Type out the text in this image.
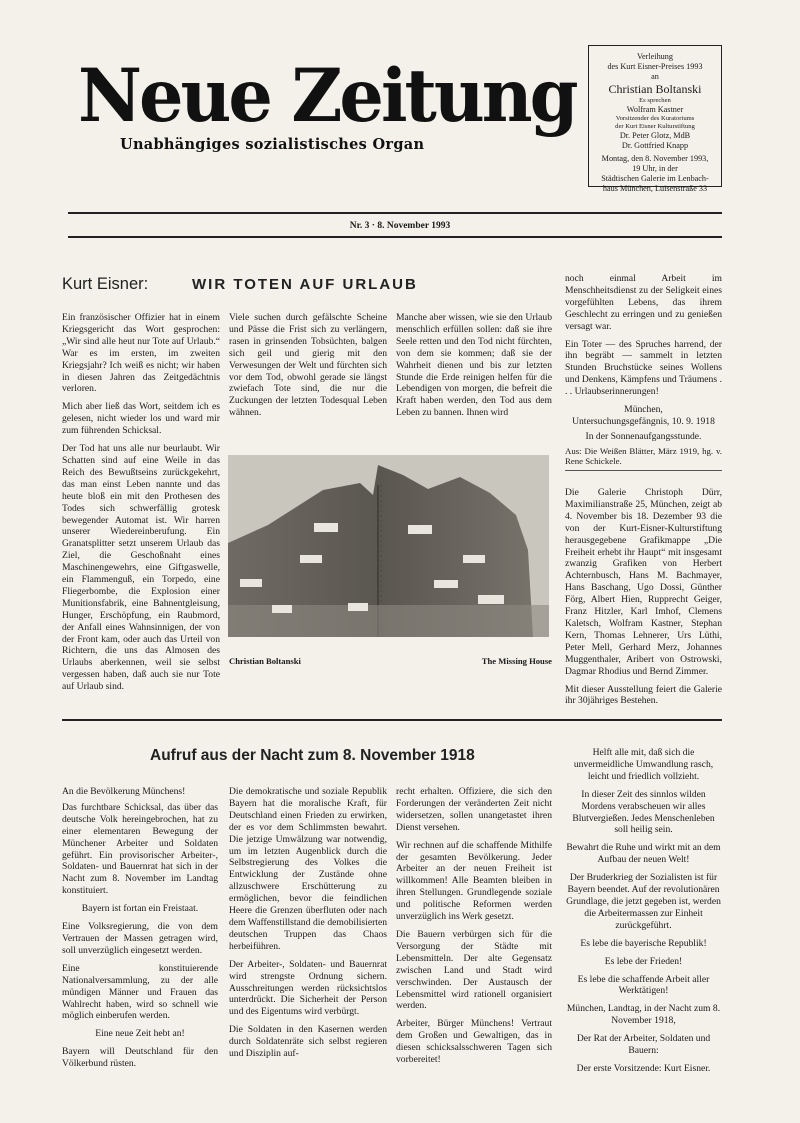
Neue Zeitung
Unabhängiges sozialistisches Organ
Verleihung
des Kurt Eisner-Preises 1993
an
Christian Boltanski
Es sprechen
Wolfram Kastner
Vorsitzender des Kuratoriums
der Kurt Eisner Kulturstiftung
Dr. Peter Glotz, MdB
Dr. Gottfried Knapp
Montag, den 8. November 1993,
19 Uhr, in der
Städtischen Galerie im Lenbach-
haus München, Luisenstraße 33
Nr. 3 · 8. November 1993
Kurt Eisner:	WIR TOTEN AUF URLAUB

Ein französischer Offizier hat in einem Kriegsgericht das Wort gesprochen: „Wir sind alle heut nur Tote auf Urlaub.“ War es im ersten, im zweiten Kriegsjahr? Ich weiß es nicht; wir haben in diesen Jahren das Zeitgedächtnis verloren.

Mich aber ließ das Wort, seitdem ich es gelesen, nicht wieder los und ward mir zum führenden Schicksal.

Der Tod hat uns alle nur beurlaubt. Wir Schatten sind auf eine Weile in das Reich des Bewußtseins zurückgekehrt, das man einst Leben nannte und das heute bloß ein mit den Prothesen des Todes sich schwerfällig grotesk bewegender Automat ist. Wir harren unserer Wiedereinberufung. Ein Granatsplitter setzt unserem Urlaub das Ziel, die Geschoßnaht eines Maschinengewehrs, eine Giftgaswelle, ein Flammenguß, ein Torpedo, eine Fliegerbombe, die Explosion einer Munitionsfabrik, eine Bahnentgleisung, Hunger, Erschöpfung, ein Raubmord, der Anfall eines Wahnsinnigen, der von der Front kam, oder auch das Urteil von Richtern, die uns das Almosen des Urlaubs aberkennen, weil sie selbst vergessen haben, daß auch sie nur Tote auf Urlaub sind.

Viele suchen durch gefälschte Scheine und Pässe die Frist sich zu verlängern, rasen in grinsenden Tobsüchten, balgen sich geil und gierig mit den Verwesungen der Welt und fürchten sich vor dem Tod, obwohl gerade sie längst zwiefach Tote sind, die nur die Zuckungen der letzten Todesqual Leben wähnen.

Manche aber wissen, wie sie den Urlaub menschlich erfüllen sollen: daß sie ihre Seele retten und den Tod nicht fürchten, von dem sie kommen; daß sie der Wahrheit dienen und bis zur letzten Stunde die Erde reinigen helfen für die Lebendigen von morgen, die befreit die Kraft haben werden, den Tod aus dem Leben zu bannen. Ihnen wird

noch einmal Arbeit im Menschheitsdienst zu der Seligkeit eines vorgefühlten Lebens, das ihrem Geschlecht zu erringen und zu genießen versagt war.

Ein Toter — des Spruches harrend, der ihn begräbt — sammelt in letzten Stunden Bruchstücke seines Wollens und Denkens, Kämpfens und Träumens . . . Urlaubserinnerungen!

München,

Untersuchungsgefängnis, 10. 9. 1918

In der Sonnenaufgangsstunde.

Aus: Die Weißen Blätter, März 1919, hg. v. Rene Schickele.

Die Galerie Christoph Dürr, Maximilianstraße 25, München, zeigt ab 4. November bis 18. Dezember 93 die von der Kurt-Eisner-Kulturstiftung herausgegebene Grafikmappe „Die Freiheit erhebt ihr Haupt“ mit insgesamt zwanzig Grafiken von Herbert Achternbusch, Hans M. Bachmayer, Hans Baschang, Ugo Dossi, Günther Förg, Albert Hien, Rupprecht Geiger, Franz Hitzler, Karl Imhof, Clemens Kaletsch, Wolfram Kastner, Stephan Kern, Thomas Lehnerer, Urs Lüthi, Peter Mell, Gerhard Merz, Johannes Muggenthaler, Aribert von Ostrowski, Dagmar Rhodius und Bernd Zimmer.

Mit dieser Ausstellung feiert die Galerie ihr 30jähriges Bestehen.

Christian Boltanski	The Missing House
Aufruf aus der Nacht zum 8. November 1918

An die Bevölkerung Münchens!

Das furchtbare Schicksal, das über das deutsche Volk hereingebrochen, hat zu einer elementaren Bewegung der Münchener Arbeiter und Soldaten geführt. Ein provisorischer Arbeiter-, Soldaten- und Bauernrat hat sich in der Nacht zum 8. November im Landtag konstituiert.

Bayern ist fortan ein Freistaat.

Eine Volksregierung, die von dem Vertrauen der Massen getragen wird, soll unverzüglich eingesetzt werden.

Eine konstituierende Nationalversammlung, zu der alle mündigen Männer und Frauen das Wahlrecht haben, wird so schnell wie möglich einberufen werden.

Eine neue Zeit hebt an!

Bayern will Deutschland für den Völkerbund rüsten.

Die demokratische und soziale Republik Bayern hat die moralische Kraft, für Deutschland einen Frieden zu erwirken, der es vor dem Schlimmsten bewahrt. Die jetzige Umwälzung war notwendig, um im letzten Augenblick durch die Selbstregierung des Volkes die Entwicklung der Zustände ohne allzuschwere Erschütterung zu ermöglichen, bevor die feindlichen Heere die Grenzen überfluten oder nach dem Waffenstillstand die demobilisierten deutschen Truppen das Chaos herbeiführen.

Der Arbeiter-, Soldaten- und Bauernrat wird strengste Ordnung sichern. Ausschreitungen werden rücksichtslos unterdrückt. Die Sicherheit der Person und des Eigentums wird verbürgt.

Die Soldaten in den Kasernen werden durch Soldatenräte sich selbst regieren und Disziplin auf-

recht erhalten. Offiziere, die sich den Forderungen der veränderten Zeit nicht widersetzen, sollen unangetastet ihren Dienst versehen.

Wir rechnen auf die schaffende Mithilfe der gesamten Bevölkerung. Jeder Arbeiter an der neuen Freiheit ist willkommen! Alle Beamten bleiben in ihren Stellungen. Grundlegende soziale und politische Reformen werden unverzüglich ins Werk gesetzt.

Die Bauern verbürgen sich für die Versorgung der Städte mit Lebensmitteln. Der alte Gegensatz zwischen Land und Stadt wird verschwinden. Der Austausch der Lebensmittel wird rationell organisiert werden.

Arbeiter, Bürger Münchens! Vertraut dem Großen und Gewaltigen, das in diesen schicksalsschweren Tagen sich vorbereitet!

Helft alle mit, daß sich die unvermeidliche Umwandlung rasch, leicht und friedlich vollzieht.

In dieser Zeit des sinnlos wilden Mordens verabscheuen wir alles Blutvergießen. Jedes Menschenleben soll heilig sein.

Bewahrt die Ruhe und wirkt mit an dem Aufbau der neuen Welt!

Der Bruderkrieg der Sozialisten ist für Bayern beendet. Auf der revolutionären Grundlage, die jetzt gegeben ist, werden die Arbeitermassen zur Einheit zurückgeführt.

Es lebe die bayerische Republik!

Es lebe der Frieden!

Es lebe die schaffende Arbeit aller Werktätigen!

München, Landtag, in der Nacht zum 8. November 1918,

Der Rat der Arbeiter, Soldaten und Bauern:

Der erste Vorsitzende: Kurt Eisner.
